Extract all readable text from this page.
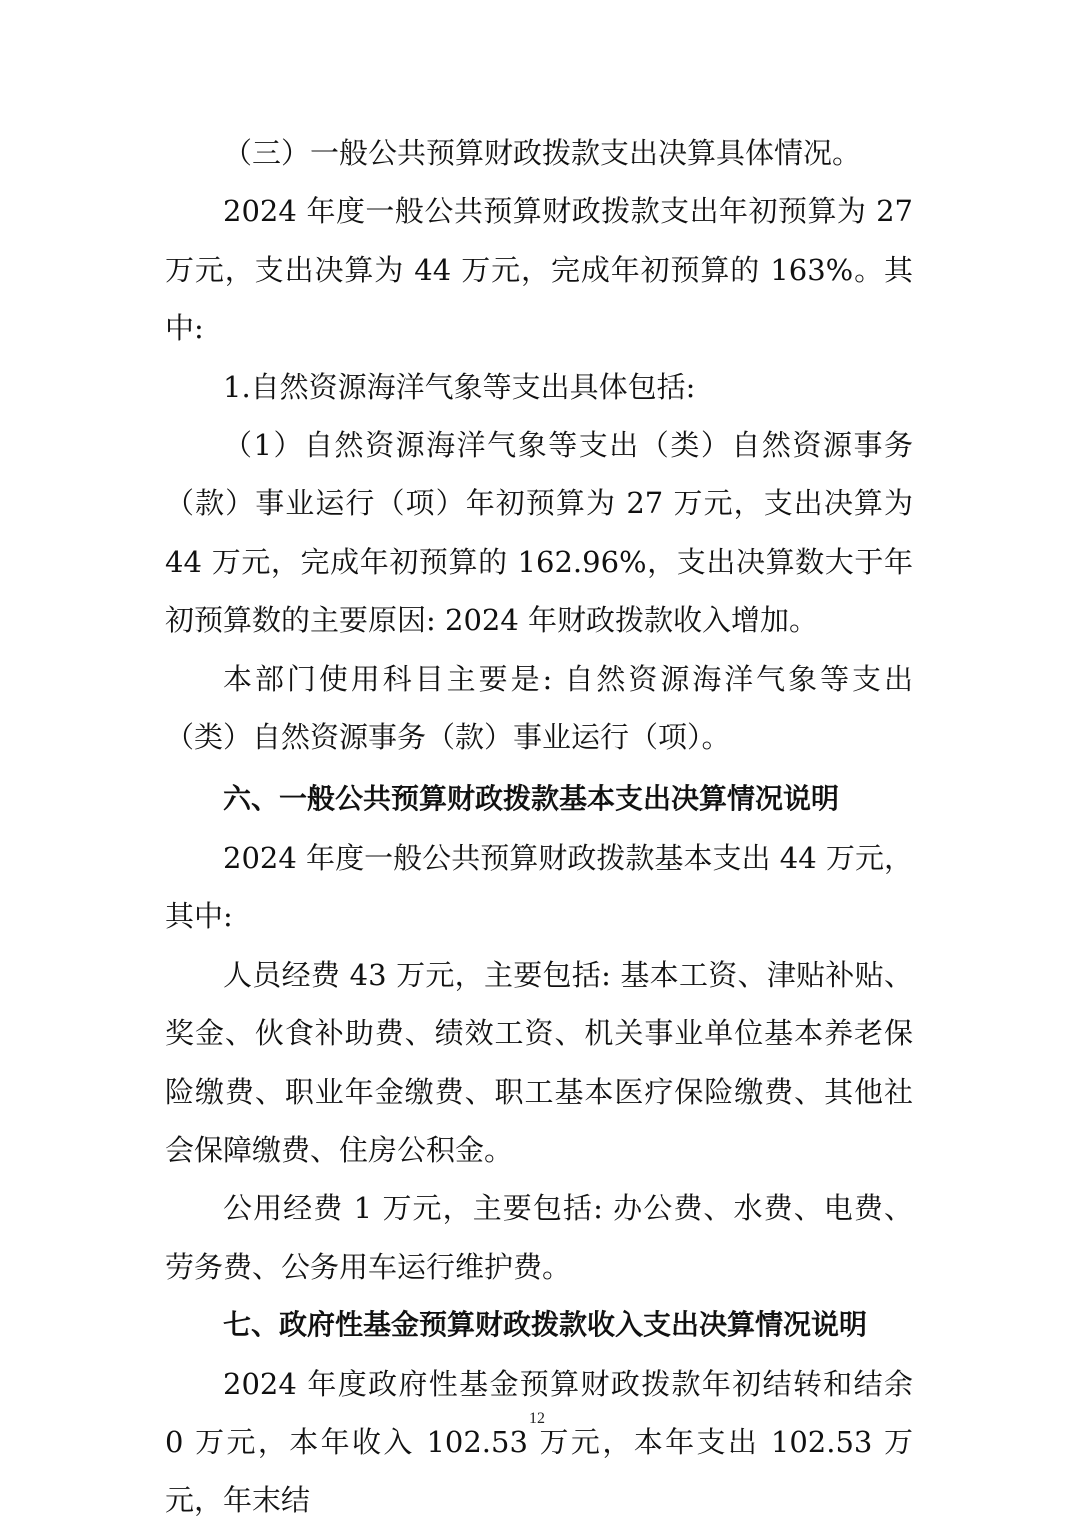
（三）一般公共预算财政拨款支出决算具体情况。

2024 年度一般公共预算财政拨款支出年初预算为 27 万元，支出决算为 44 万元，完成年初预算的 163%。其中:

1.自然资源海洋气象等支出具体包括:

（1）自然资源海洋气象等支出（类）自然资源事务（款）事业运行（项）年初预算为 27 万元，支出决算为 44 万元，完成年初预算的 162.96%，支出决算数大于年初预算数的主要原因: 2024 年财政拨款收入增加。

本部门使用科目主要是: 自然资源海洋气象等支出（类）自然资源事务（款）事业运行（项）。

六、一般公共预算财政拨款基本支出决算情况说明

2024 年度一般公共预算财政拨款基本支出 44 万元，其中:

人员经费 43 万元，主要包括: 基本工资、津贴补贴、奖金、伙食补助费、绩效工资、机关事业单位基本养老保险缴费、职业年金缴费、职工基本医疗保险缴费、其他社会保障缴费、住房公积金。

公用经费 1 万元，主要包括: 办公费、水费、电费、劳务费、公务用车运行维护费。

七、政府性基金预算财政拨款收入支出决算情况说明

2024 年度政府性基金预算财政拨款年初结转和结余 0 万元，本年收入 102.53 万元，本年支出 102.53 万元，年末结

12
